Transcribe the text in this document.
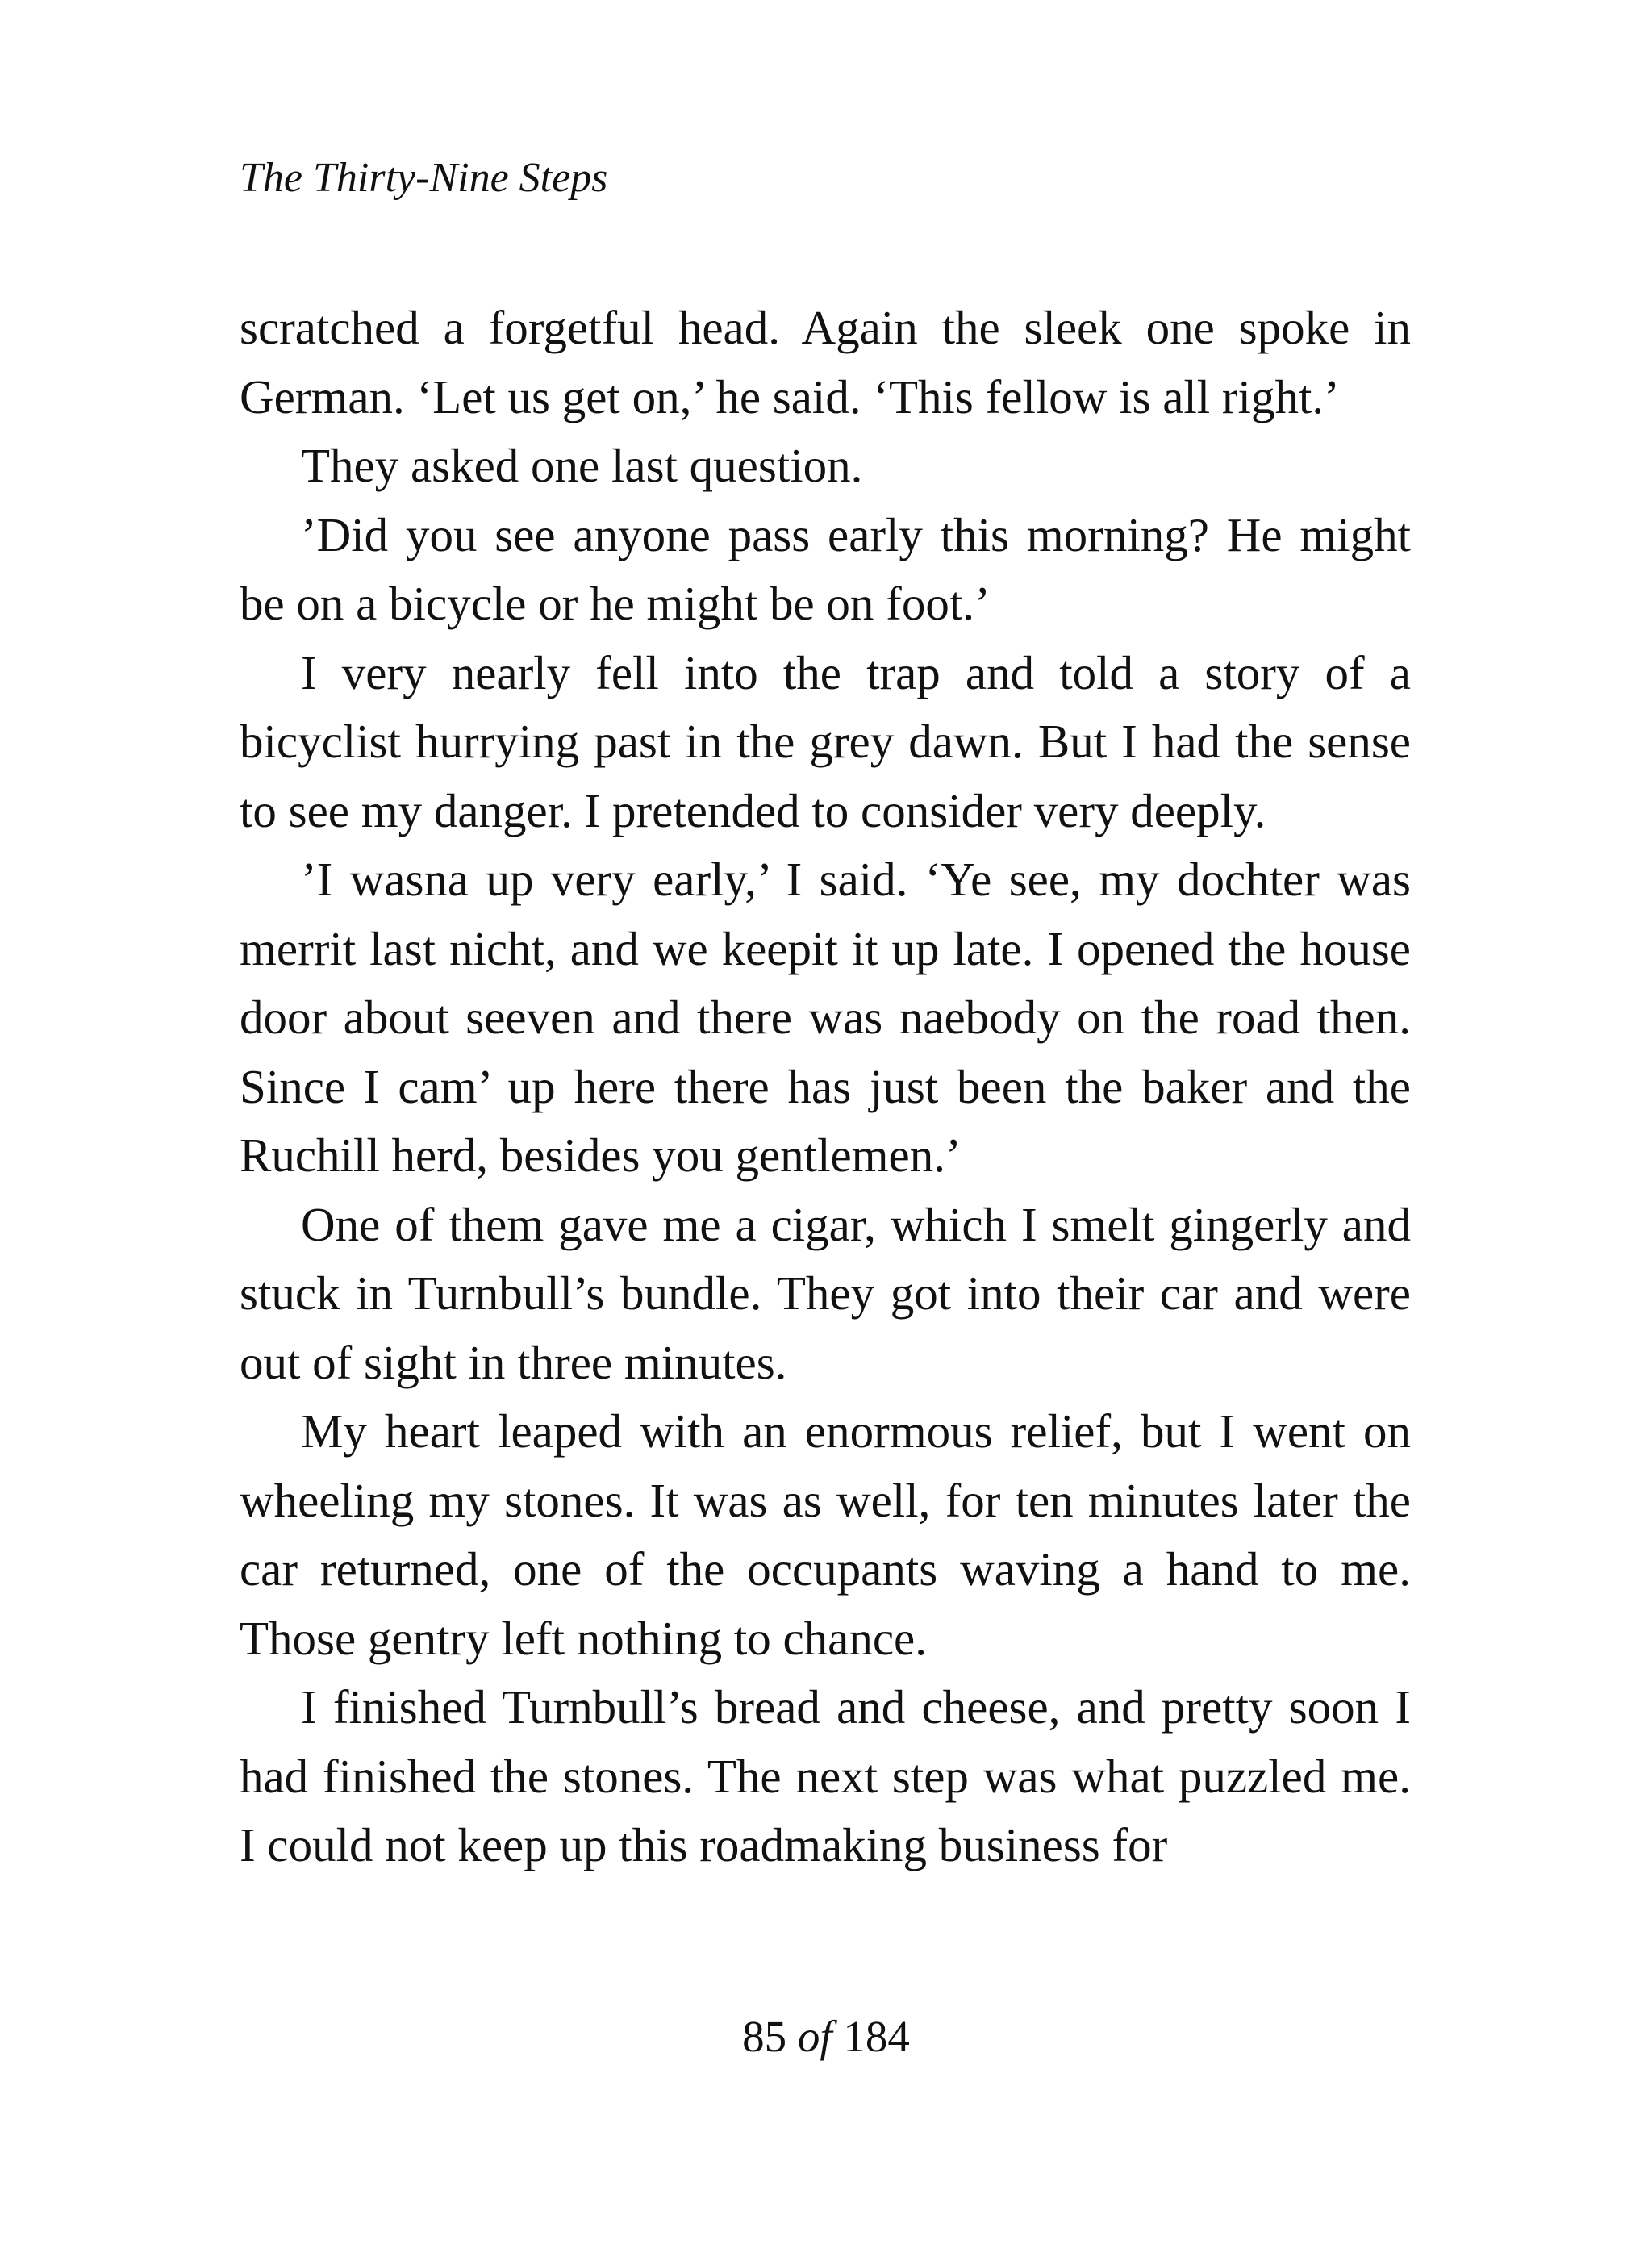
The Thirty-Nine Steps

scratched a forgetful head. Again the sleek one spoke in German. ‘Let us get on,’ he said. ‘This fellow is all right.’

They asked one last question.

’Did you see anyone pass early this morning? He might be on a bicycle or he might be on foot.’

I very nearly fell into the trap and told a story of a bicyclist hurrying past in the grey dawn. But I had the sense to see my danger. I pretended to consider very deeply.

’I wasna up very early,’ I said. ‘Ye see, my dochter was merrit last nicht, and we keepit it up late. I opened the house door about seeven and there was naebody on the road then. Since I cam’ up here there has just been the baker and the Ruchill herd, besides you gentlemen.’

One of them gave me a cigar, which I smelt gingerly and stuck in Turnbull’s bundle. They got into their car and were out of sight in three minutes.

My heart leaped with an enormous relief, but I went on wheeling my stones. It was as well, for ten minutes later the car returned, one of the occupants waving a hand to me. Those gentry left nothing to chance.

I finished Turnbull’s bread and cheese, and pretty soon I had finished the stones. The next step was what puzzled me. I could not keep up this roadmaking business for

85 of 184
